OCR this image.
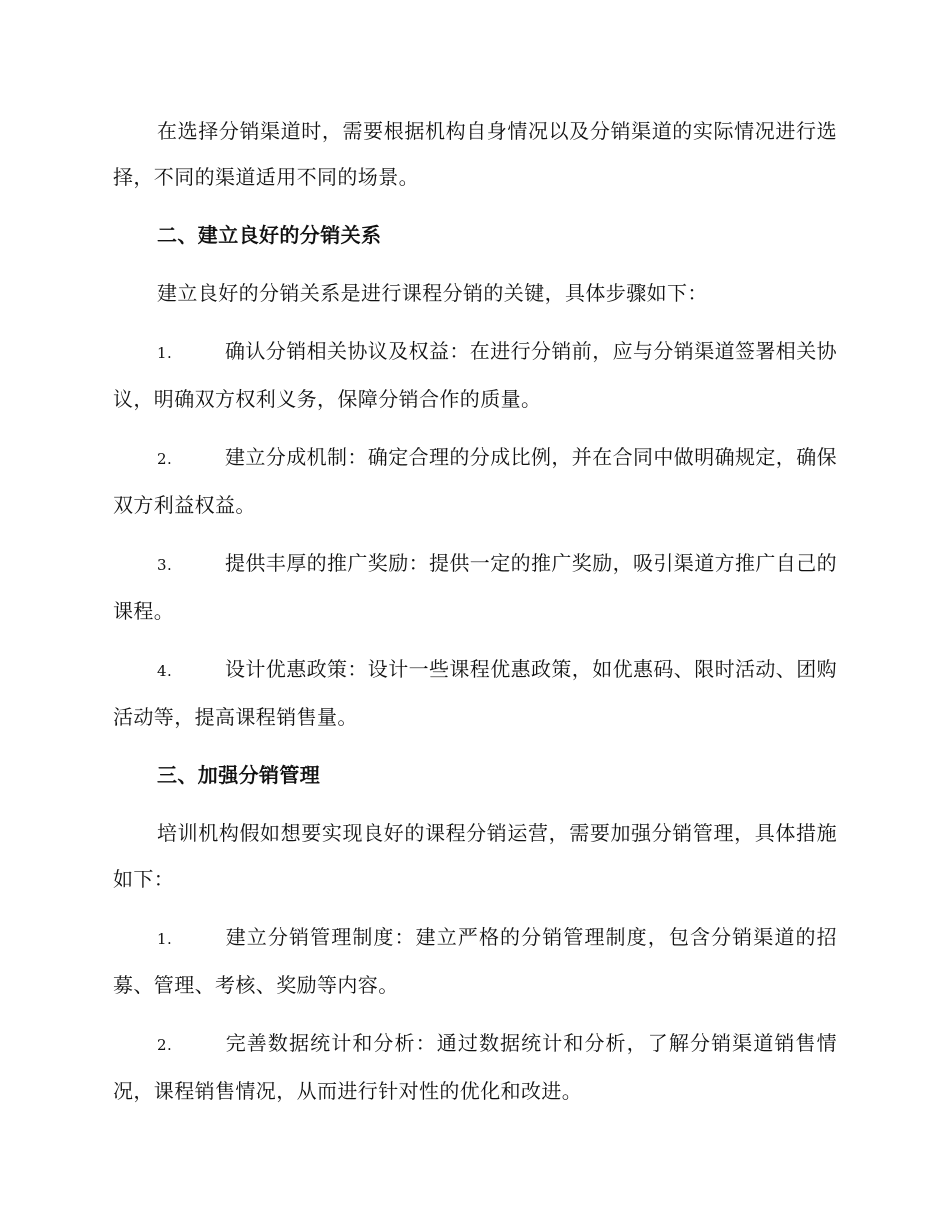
在选择分销渠道时，需要根据机构自身情况以及分销渠道的实际情况进行选择，不同的渠道适用不同的场景。

二、建立良好的分销关系

建立良好的分销关系是进行课程分销的关键，具体步骤如下：

1.	确认分销相关协议及权益：在进行分销前，应与分销渠道签署相关协议，明确双方权利义务，保障分销合作的质量。

2.	建立分成机制：确定合理的分成比例，并在合同中做明确规定，确保双方利益权益。

3.	提供丰厚的推广奖励：提供一定的推广奖励，吸引渠道方推广自己的课程。

4.	设计优惠政策：设计一些课程优惠政策，如优惠码、限时活动、团购活动等，提高课程销售量。

三、加强分销管理

培训机构假如想要实现良好的课程分销运营，需要加强分销管理，具体措施如下：

1.	建立分销管理制度：建立严格的分销管理制度，包含分销渠道的招募、管理、考核、奖励等内容。

2.	完善数据统计和分析：通过数据统计和分析，了解分销渠道销售情况，课程销售情况，从而进行针对性的优化和改进。
